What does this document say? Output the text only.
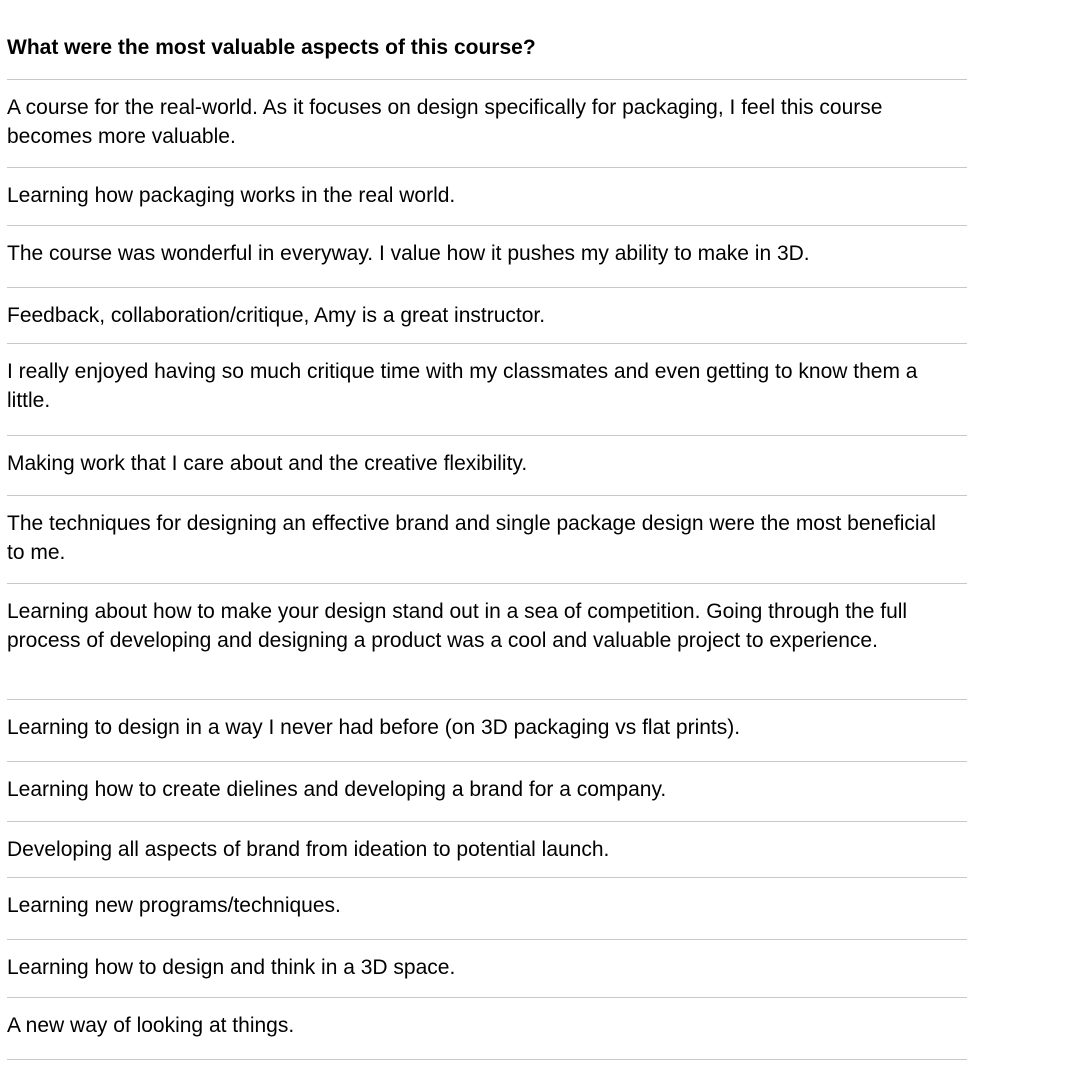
What were the most valuable aspects of this course?
A course for the real-world. As it focuses on design specifically for packaging, I feel this course becomes more valuable.
Learning how packaging works in the real world.
The course was wonderful in everyway. I value how it pushes my ability to make in 3D.
Feedback, collaboration/critique, Amy is a great instructor.
I really enjoyed having so much critique time with my classmates and even getting to know them a little.
Making work that I care about and the creative flexibility.
The techniques for designing an effective brand and single package design were the most beneficial to me.
Learning about how to make your design stand out in a sea of competition. Going through the full process of developing and designing a product was a cool and valuable project to experience.
Learning to design in a way I never had before (on 3D packaging vs flat prints).
Learning how to create dielines and developing a brand for a company.
Developing all aspects of brand from ideation to potential launch.
Learning new programs/techniques.
Learning how to design and think in a 3D space.
A new way of looking at things.
